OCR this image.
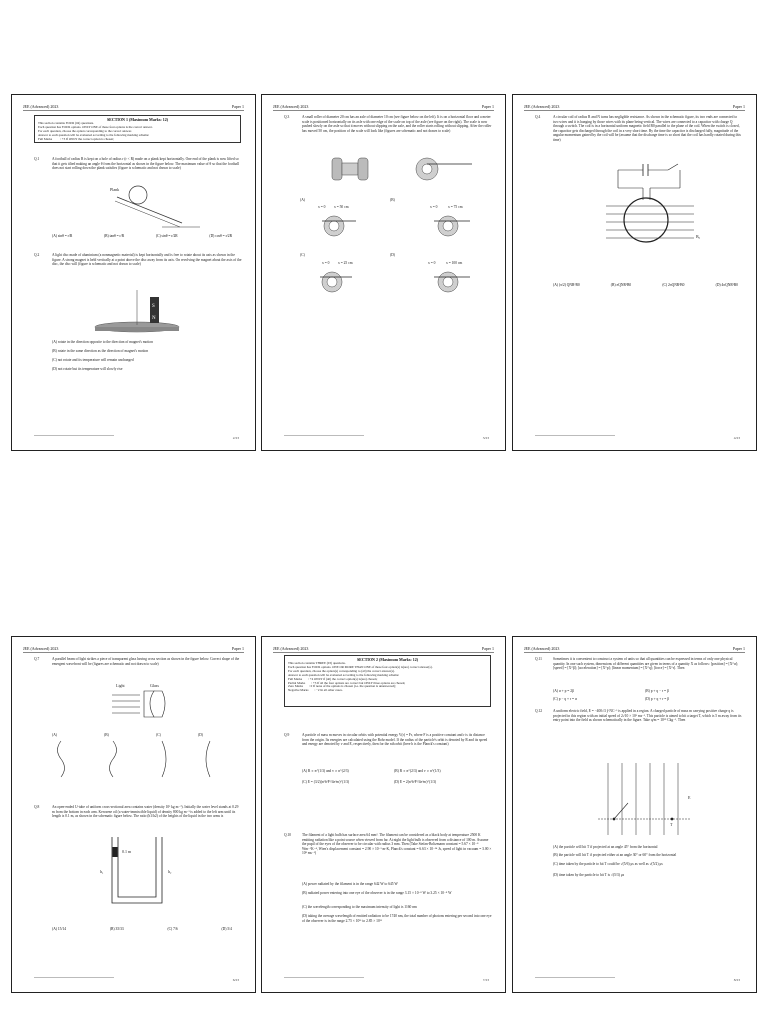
JEE (Advanced) 2023	Paper 1
SECTION 1 (Maximum Marks: 12)
This section contains FOUR (04) questions.
Each question has FOUR options. ONLY ONE of these four options is the correct answer.
For each question, choose the option corresponding to the correct answer.
Answer to each question will be evaluated according to the following marking scheme:
Full Marks	: +3 If ONLY the correct option is chosen;
Q.1	A football of radius R is kept on a hole of radius r (r < R) made on a plank kept horizontally. One end of the plank is now lifted so that it gets tilted making an angle θ from the horizontal as shown in the figure below. The maximum value of θ so that the football does not start rolling down the plank satisfies (figure is schematic and not drawn to scale)
Plank
(A) sinθ = r/R	(B) tanθ = r/R	(C) sinθ = r/2R	(D) cosθ = r/2R
Q.2	A light disc made of aluminium (a nonmagnetic material) is kept horizontally and is free to rotate about its axis as shown in the figure. A strong magnet is held vertically at a point above the disc away from its axis. On revolving the magnet about the axis of the disc, the disc will (figure is schematic and not drawn to scale)
S
N
(A) rotate in the direction opposite to the direction of magnet's motion
(B) rotate in the same direction as the direction of magnet's motion
(C) not rotate and its temperature will remain unchanged
(D) not rotate but its temperature will slowly rise
2/23
JEE (Advanced) 2023	Paper 1
Q.3	A small roller of diameter 20 cm has an axle of diameter 10 cm (see figure below on the left). It is on a horizontal floor and a meter scale is positioned horizontally on its axle with one edge of the scale on top of the axle (see figure on the right). The scale is now pushed slowly on the axle so that it moves without slipping on the axle, and the roller starts rolling without slipping. After the roller has moved 50 cm, the position of the scale will look like (figures are schematic and not drawn to scale)
(A)
x = 0 x = 50 cm
(B)
x = 0	x = 75 cm
(C)
x = 0 x = 25 cm
(D)
x = 0	x = 100 cm
3/23
JEE (Advanced) 2023	Paper 1
Q.4	A circular coil of radius R and N turns has negligible resistance. As shown in the schematic figure, its two ends are connected to two wires and it is hanging by those wires with its plane being vertical. The wires are connected to a capacitor with charge Q through a switch. The coil is in a horizontal uniform magnetic field B0 parallel to the plane of the coil. When the switch is closed, the capacitor gets discharged through the coil in a very short time. By the time the capacitor is discharged fully, magnitude of the angular momentum gained by the coil will be (assume that the discharge time is so short that the coil has hardly rotated during this time)
B₀
(A) (π/2) QNR²B0	(B) πQNR²B0	(C) 2πQNR²B0	(D) 4πQNR²B0
4/23
JEE (Advanced) 2023	Paper 1
Q.7	A parallel beam of light strikes a piece of transparent glass having cross section as shown in the figure below. Correct shape of the emergent wavefront will be (figures are schematic and not drawn to scale)
Light	Glass
(A)	(B)	(C)	(D)
Q.8	An open-ended U-tube of uniform cross-sectional area contains water (density 10³ kg m⁻³). Initially the water level stands at 0.29 m from the bottom in each arm. Kerosene oil (a water-immiscible liquid) of density 800 kg m⁻³ is added to the left arm until its length is 0.1 m, as shown in the schematic figure below. The ratio (h1/h2) of the heights of the liquid in the two arms is
0.1 m
h₁	h₂
(A) 15/14	(B) 35/33	(C) 7/6	(D) 5/4
6/23
JEE (Advanced) 2023	Paper 1
SECTION 2 (Maximum Marks: 12)
This section contains THREE (03) questions.
Each question has FOUR options. ONE OR MORE THAN ONE of these four option(s) is(are) correct answer(s).
For each question, choose the option(s) corresponding to (all) the correct answer(s).
Answer to each question will be evaluated according to the following marking scheme:
Full Marks : +4 ONLY if (all) the correct option(s) is(are) chosen;
Partial Marks : +3 If all the four options are correct but ONLY three options are chosen;
Zero Marks : 0 If none of the options is chosen (i.e. the question is unanswered);
Negative Marks : −2 In all other cases.
Q.9	A particle of mass m moves in circular orbits with potential energy V(r) = Fr, where F is a positive constant and r is its distance from the origin. Its energies are calculated using the Bohr model. If the radius of the particle's orbit is denoted by R and its speed and energy are denoted by v and E, respectively, then for the nth orbit (here h is the Planck's constant)
(A) R ∝ n^(1/3) and v ∝ n^(2/3)	(B) R ∝ n^(2/3) and v ∝ n^(1/3)
(C) E = (3/2)(n²h²F²/4π²m)^(1/3)	(D) E = 2(n²h²F²/4π²m)^(1/3)
Q.10	The filament of a light bulb has surface area 64 mm². The filament can be considered as a black body at temperature 2500 K emitting radiation like a point source when viewed from far. At night the light bulb is observed from a distance of 100 m. Assume the pupil of the eyes of the observer to be circular with radius 3 mm. Then (Take Stefan-Boltzmann constant = 5.67 × 10⁻⁸ Wm⁻²K⁻⁴, Wien's displacement constant = 2.90 × 10⁻³ m-K, Planck's constant = 6.63 × 10⁻³⁴ Js, speed of light in vacuum = 3.00 × 10⁸ ms⁻¹)
(A) power radiated by the filament is in the range 642 W to 645 W
(B) radiated power entering into one eye of the observer is in the range 3.15 × 10⁻⁸ W to 3.25 × 10⁻⁸ W
(C) the wavelength corresponding to the maximum intensity of light is 1160 nm
(D) taking the average wavelength of emitted radiation to be 1740 nm, the total number of photons entering per second into one eye of the observer is in the range 2.75 × 10¹¹ to 2.85 × 10¹¹
7/23
JEE (Advanced) 2023	Paper 1
Q.11	Sometimes it is convenient to construct a system of units so that all quantities can be expressed in terms of only one physical quantity. In one such system, dimensions of different quantities are given in terms of a quantity X as follows: [position] = [X^α]; [speed] = [X^β]; [acceleration] = [X^p]; [linear momentum] = [X^q]; [force] = [X^r]. Then
(A) α + p = 2β	(B) p + q − r = β
(C) p − q + r = α	(D) p + q + r = β
Q.12	A uniform electric field, E = −400√3 ŷ NC⁻¹ is applied in a region. A charged particle of mass m carrying positive charge q is projected in this region with an initial speed of 2√10 × 10⁶ ms⁻¹. This particle is aimed to hit a target T, which is 5 m away from its entry point into the field as shown schematically in the figure. Take q/m = 10¹⁰ Ckg⁻¹. Then
T
E
(A) the particle will hit T if projected at an angle 45° from the horizontal
(B) the particle will hit T if projected either at an angle 30° or 60° from the horizontal
(C) time taken by the particle to hit T could be √(5/6) μs as well as √(5/2) μs
(D) time taken by the particle to hit T is √(5/3) μs
8/23
